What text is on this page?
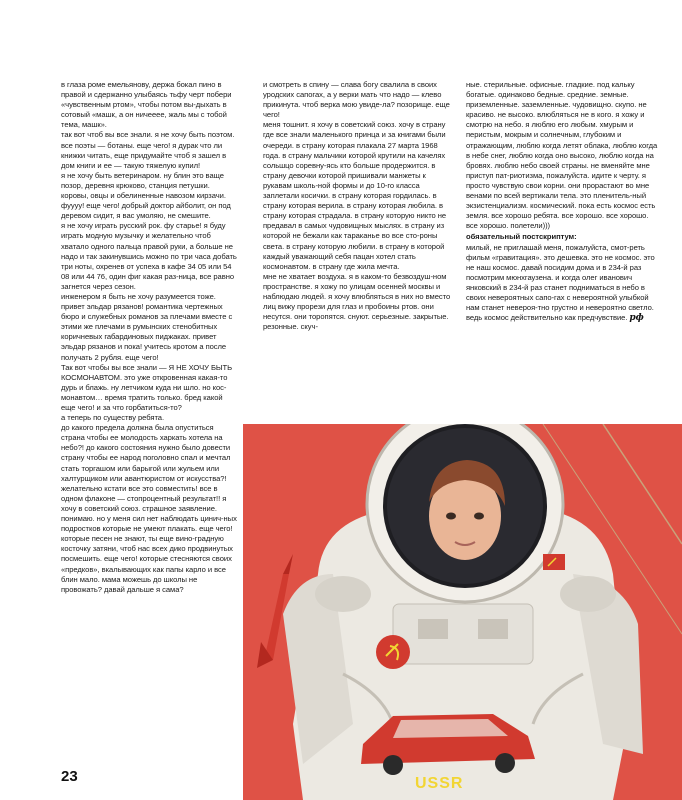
в глаза роме емельянову, держа бокал пино в правой и сдержанно улыбаясь тьфу черт побери «чувственным ртом», чтобы потом вы-дыхать в сотовый «машк, а он ничееее, жаль мы с тобой тема, машк».
так вот чтоб вы все знали. я не хочу быть поэтом. все поэты — ботаны. еще чего! я дурак что ли книжки читать, еще придумайте чтоб я зашел в дом книги и ее — такую тяжелую купил!
я не хочу быть ветеринаром. ну блин это ваще позор, деревня крюково, станция петушки. коровы, овцы и обелиненные навозом кирзачи. фуууу! еще чего! добрый доктор айболит, он под деревом сидит, я вас умоляю, не смешите.
я не хочу играть русский рок. фу старье! я буду играть модную музычку и желательно чтоб хватало одного пальца правой руки, а больше не надо и так закинувшись можно по три часа добать три ноты, охренев от успеха в кафе 34 05 или 54 08 или 44 76, один фиг какая раз-ница, все равно загнется через сезон.
инженером я быть не хочу разумеется тоже. привет эльдар рязанов! романтика чертежных бюро и служебных романов за плечами вместе с этими же плечами в румынских стенобитных коричневых габардиновых пиджаках. привет эльдар рязанов и пока! учитесь кротом а после получать 2 рубля. еще чего!
Так вот чтобы вы все знали — Я НЕ ХОЧУ БЫТЬ КОСМОНАВТОМ. это уже откровенная какая-то дурь и блажь. ну летчиком куда ни шло. но кос-монавтом… время тратить только. бред какой еще чего! и за что горбатиться-то?
а теперь по существу ребята.
до какого предела должна была опуститься страна чтобы ее молодость харкать хотела на небо?! до какого состояния нужно было довести страну чтобы ее народ поголовно спал и мечтал стать торгашом или барыгой или жульем или халтурщиком или авантюристом от искусства?! желательно кстати все это совместить! все в одном флаконе — стопроцентный результат!! я хочу в советский союз. страшное заявление. понимаю. но у меня сил нет наблюдать цинич-ных подростков которые не умеют плакать. еще чего! которые песен не знают, ты еще вино-градную косточку затяни, чтоб нас всех дико продвинутых посмешить. еще чего! которые стесняются своих «предков», вкалывающих как папы карло и все блин мало. мама можешь до школы не провожать? давай дальше я сама?
и смотреть в спину — слава богу свалила в своих уродских сапогах, а у верки мать что надо — клево прикинута. чтоб верка мою увиде-ла? позорище. еще чего!
меня тошнит. я хочу в советский союз. хочу в страну где все знали маленького принца и за книгами были очереди. в страну которая плакала 27 марта 1968 года. в страну мальчики которой крутили на качелях сольшцо соревну-ясь кто больше продержится. в страну девочки которой пришивали манжеты к рукавам школь-ной формы и до 10-го класса заплетали косички. в страну которая гордилась. в страну которая верила. в страну которая любила. в страну которая страдала. в страну которую никто не предавал в самых чудовищных мыслях. в страну из которой не бежали как тараканье во все сто-роны света. в страну которую любили. в страну в которой каждый уважающий себя пацан хотел стать космонавтом. в страну где жила мечта.
мне не хватает воздуха. я в каком-то безвоздуш-ном пространстве. я хожу по улицам осенней москвы и наблюдаю людей. я хочу влюбляться в них но вместо лиц вижу прорези для глаз и пробоины ртов. они несутся. они торопятся. снуют. серьезные. закрытые. резонные. скуч-
ные. стерильные. офисные. гладкие. под кальку богатые. одинаково бедные. средние. земные. приземленные. заземленные. чудовищно. скупо. не красиво. не высоко. влюбляться не в кого. я хожу и смотрю на небо. я люблю его любым. хмурым и перистым, мокрым и солнечным, глубоким и отражающим, люблю когда летят облака, люблю когда в небе снег, люблю когда оно высоко, люблю когда на бровях. люблю небо своей страны. не вменяйте мне приступ пат-риотизма, пожалуйста. идите к черту. я просто чувствую свои корни. они прорастают во мне венами по всей вертикали тела. это пленитель-ный экзистенциализм. космический. пока есть космос есть земля. все хорошо ребята. все хорошо. все хорошо. все хорошо. полетели)))
обязательный постскриптум:
милый, не приглашай меня, пожалуйста, смот-реть фильм «гравитация». это дешевка. это не космос. это не наш космос. давай посидим дома и в 234-й раз посмотрим мюнхгаузена. и когда олег иванович янковский в 234-й раз станет подниматься в небо в своих невероятных сапо-гах с невероятной улыбкой нам станет невероя-тно грустно и невероятно светло. ведь космос действительно как предчувствие. рф
23	USSR
